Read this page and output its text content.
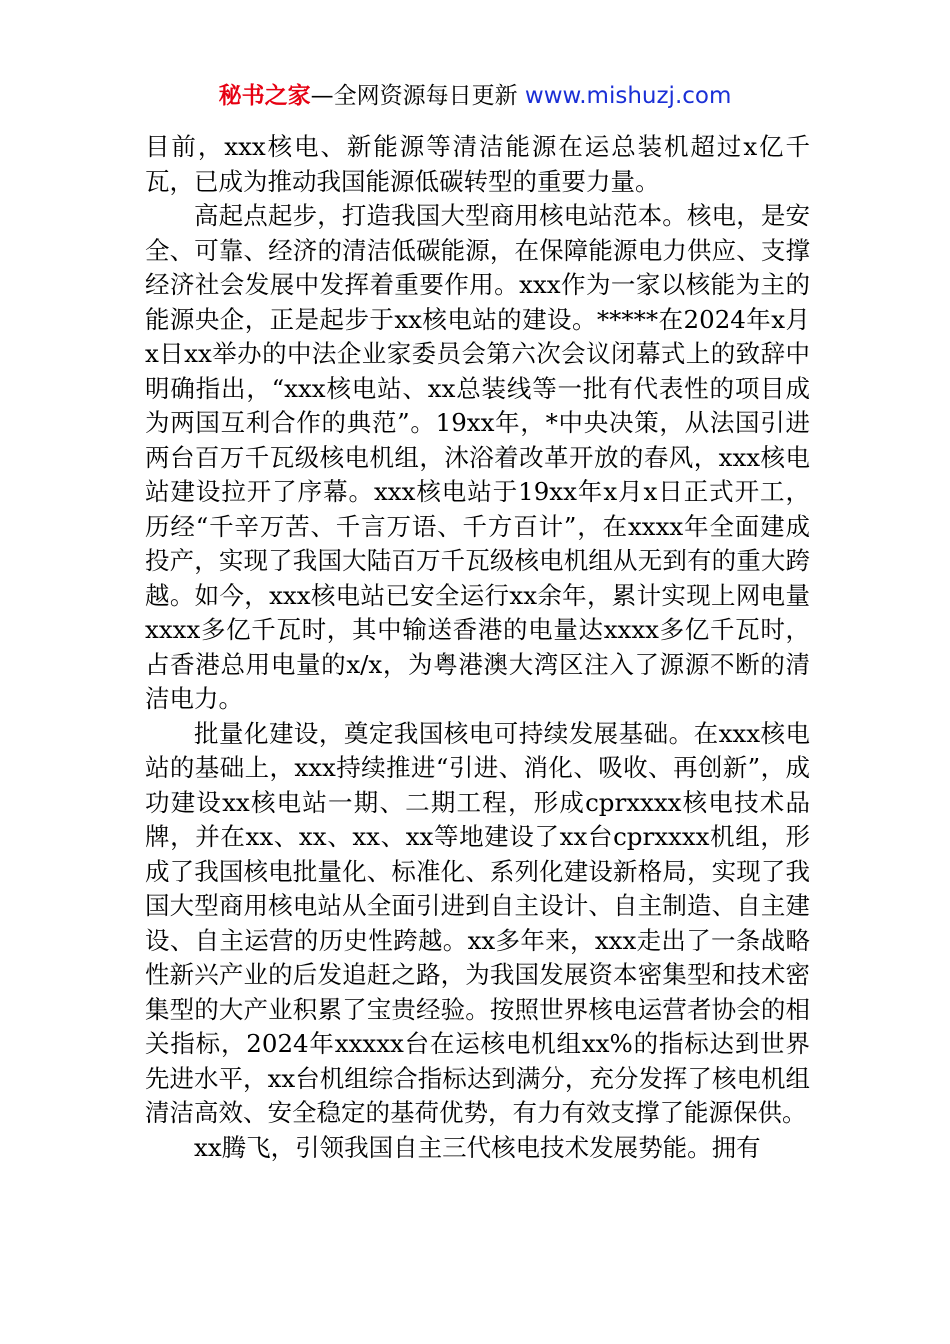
秘书之家—全网资源每日更新 www.mishuzj.com

目前，xxx核电、新能源等清洁能源在运总装机超过x亿千瓦，已成为推动我国能源低碳转型的重要力量。

高起点起步，打造我国大型商用核电站范本。核电，是安全、可靠、经济的清洁低碳能源，在保障能源电力供应、支撑经济社会发展中发挥着重要作用。xxx作为一家以核能为主的能源央企，正是起步于xx核电站的建设。*****在2024年x月x日xx举办的中法企业家委员会第六次会议闭幕式上的致辞中明确指出，“xxx核电站、xx总装线等一批有代表性的项目成为两国互利合作的典范”。19xx年，*中央决策，从法国引进两台百万千瓦级核电机组，沐浴着改革开放的春风，xxx核电站建设拉开了序幕。xxx核电站于19xx年x月x日正式开工，历经“千辛万苦、千言万语、千方百计”，在xxxx年全面建成投产，实现了我国大陆百万千瓦级核电机组从无到有的重大跨越。如今，xxx核电站已安全运行xx余年，累计实现上网电量xxxx多亿千瓦时，其中输送香港的电量达xxxx多亿千瓦时，占香港总用电量的x/x，为粤港澳大湾区注入了源源不断的清洁电力。

批量化建设，奠定我国核电可持续发展基础。在xxx核电站的基础上，xxx持续推进“引进、消化、吸收、再创新”，成功建设xx核电站一期、二期工程，形成cprxxxx核电技术品牌，并在xx、xx、xx、xx等地建设了xx台cprxxxx机组，形成了我国核电批量化、标准化、系列化建设新格局，实现了我国大型商用核电站从全面引进到自主设计、自主制造、自主建设、自主运营的历史性跨越。xx多年来，xxx走出了一条战略性新兴产业的后发追赶之路，为我国发展资本密集型和技术密集型的大产业积累了宝贵经验。按照世界核电运营者协会的相关指标，2024年xxxxx台在运核电机组xx%的指标达到世界先进水平，xx台机组综合指标达到满分，充分发挥了核电机组清洁高效、安全稳定的基荷优势，有力有效支撑了能源保供。

xx腾飞，引领我国自主三代核电技术发展势能。拥有
